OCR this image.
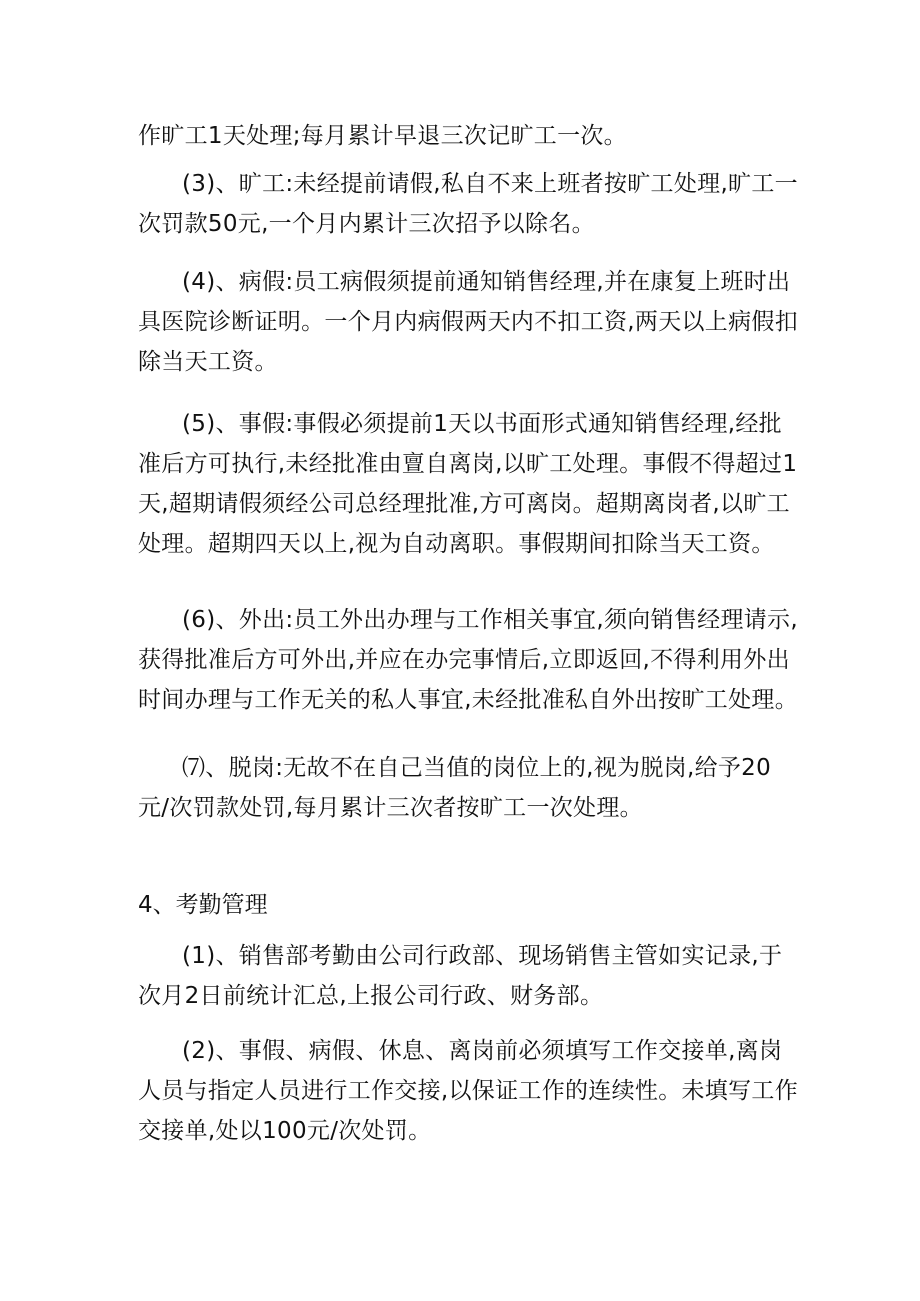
作旷工1天处理;每月累计早退三次记旷工一次。

(3)、旷工:未经提前请假,私自不来上班者按旷工处理,旷工一次罚款50元,一个月内累计三次招予以除名。

(4)、病假:员工病假须提前通知销售经理,并在康复上班时出具医院诊断证明。一个月内病假两天内不扣工资,两天以上病假扣除当天工资。

(5)、事假:事假必须提前1天以书面形式通知销售经理,经批准后方可执行,未经批准由亶自离岗,以旷工处理。事假不得超过1天,超期请假须经公司总经理批准,方可离岗。超期离岗者,以旷工处理。超期四天以上,视为自动离职。事假期间扣除当天工资。

(6)、外出:员工外出办理与工作相关事宜,须向销售经理请示,获得批准后方可外出,并应在办完事情后,立即返回,不得利用外出时间办理与工作无关的私人事宜,未经批准私自外出按旷工处理。

⑺、脱岗:无故不在自己当值的岗位上的,视为脱岗,给予20元/次罚款处罚,每月累计三次者按旷工一次处理。

4、考勤管理

(1)、销售部考勤由公司行政部、现场销售主管如实记录,于次月2日前统计汇总,上报公司行政、财务部。

(2)、事假、病假、休息、离岗前必须填写工作交接单,离岗人员与指定人员进行工作交接,以保证工作的连续性。未填写工作交接单,处以100元/次处罚。
